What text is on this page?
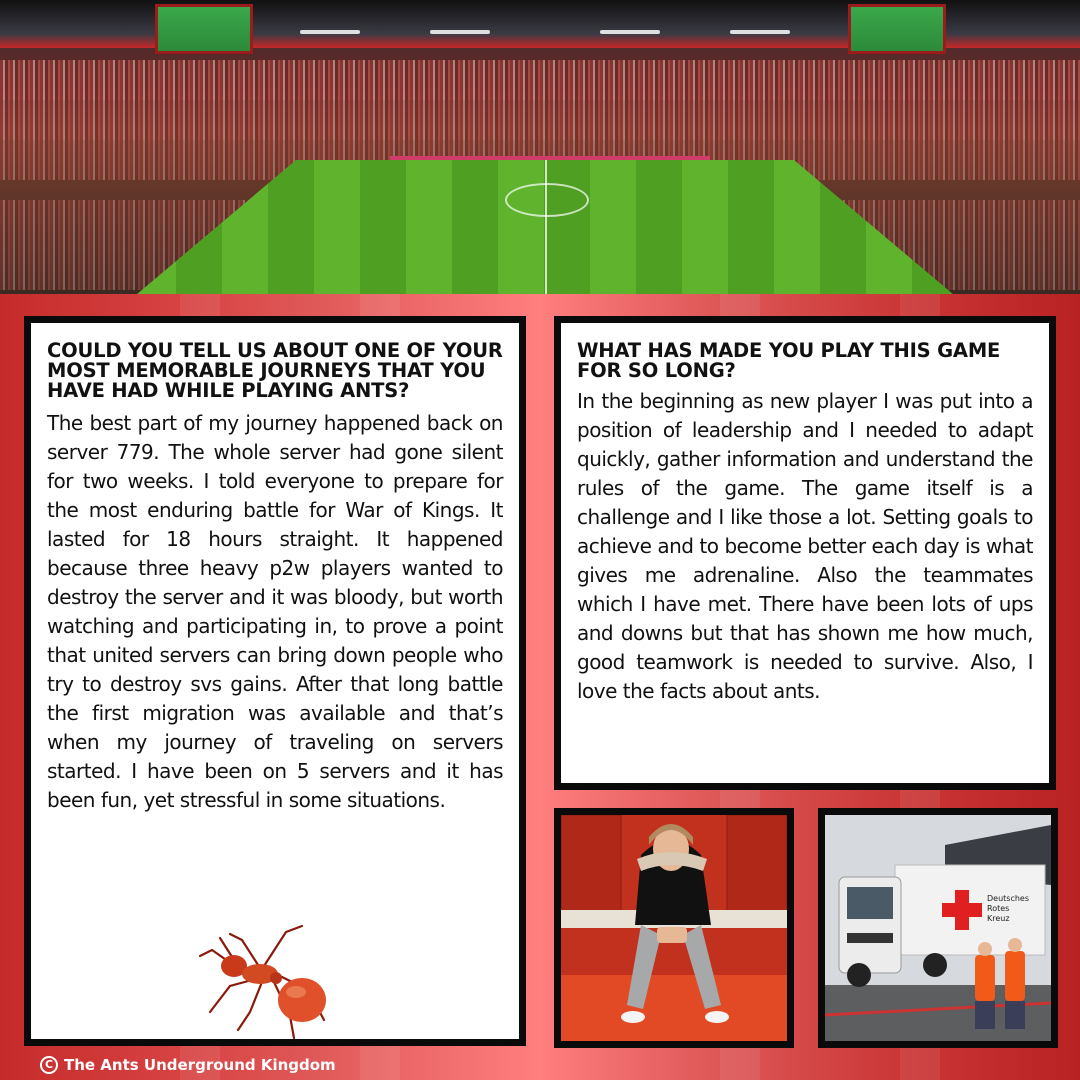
COULD YOU TELL US ABOUT ONE OF YOUR MOST MEMORABLE JOURNEYS THAT YOU HAVE HAD WHILE PLAYING ANTS?

The best part of my journey happened back on server 779. The whole server had gone silent for two weeks. I told everyone to prepare for the most enduring battle for War of Kings. It lasted for 18 hours straight. It happened because three heavy p2w players wanted to destroy the server and it was bloody, but worth watching and participating in, to prove a point that united servers can bring down people who try to destroy svs gains. After that long battle the first migration was available and that’s when my journey of traveling on servers started. I have been on 5 servers and it has been fun, yet stressful in some situations.

WHAT HAS MADE YOU PLAY THIS GAME FOR SO LONG?

In the beginning as new player I was put into a position of leadership and I needed to adapt quickly, gather information and understand the rules of the game. The game itself is a challenge and I like those a lot. Setting goals to achieve and to become better each day is what gives me adrenaline. Also the teammates which I have met. There have been lots of ups and downs but that has shown me how much, good teamwork is needed to survive. Also, I love the facts about ants.

Deutsches Rotes Kreuz
C The Ants Underground Kingdom
